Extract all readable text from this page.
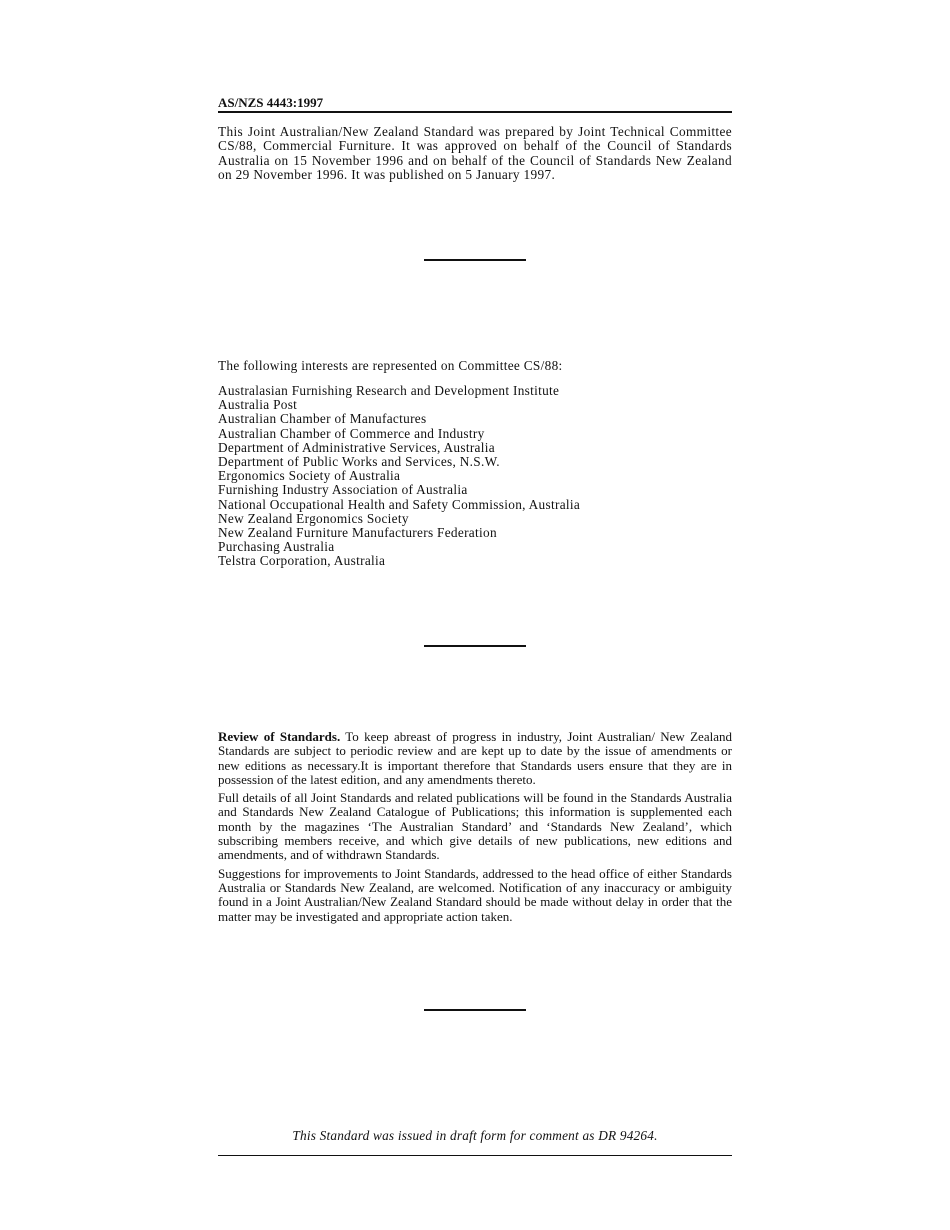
AS/NZS 4443:1997
This Joint Australian/New Zealand Standard was prepared by Joint Technical Committee CS/88, Commercial Furniture. It was approved on behalf of the Council of Standards Australia on 15 November 1996 and on behalf of the Council of Standards New Zealand on 29 November 1996. It was published on 5 January 1997.
The following interests are represented on Committee CS/88:
Australasian Furnishing Research and Development Institute
Australia Post
Australian Chamber of Manufactures
Australian Chamber of Commerce and Industry
Department of Administrative Services, Australia
Department of Public Works and Services, N.S.W.
Ergonomics Society of Australia
Furnishing Industry Association of Australia
National Occupational Health and Safety Commission, Australia
New Zealand Ergonomics Society
New Zealand Furniture Manufacturers Federation
Purchasing Australia
Telstra Corporation, Australia

Review of Standards. To keep abreast of progress in industry, Joint Australian/ New Zealand Standards are subject to periodic review and are kept up to date by the issue of amendments or new editions as necessary.It is important therefore that Standards users ensure that they are in possession of the latest edition, and any amendments thereto.

Full details of all Joint Standards and related publications will be found in the Standards Australia and Standards New Zealand Catalogue of Publications; this information is supplemented each month by the magazines ‘The Australian Standard’ and ‘Standards New Zealand’, which subscribing members receive, and which give details of new publications, new editions and amendments, and of withdrawn Standards.

Suggestions for improvements to Joint Standards, addressed to the head office of either Standards Australia or Standards New Zealand, are welcomed. Notification of any inaccuracy or ambiguity found in a Joint Australian/New Zealand Standard should be made without delay in order that the matter may be investigated and appropriate action taken.

This Standard was issued in draft form for comment as DR 94264.
